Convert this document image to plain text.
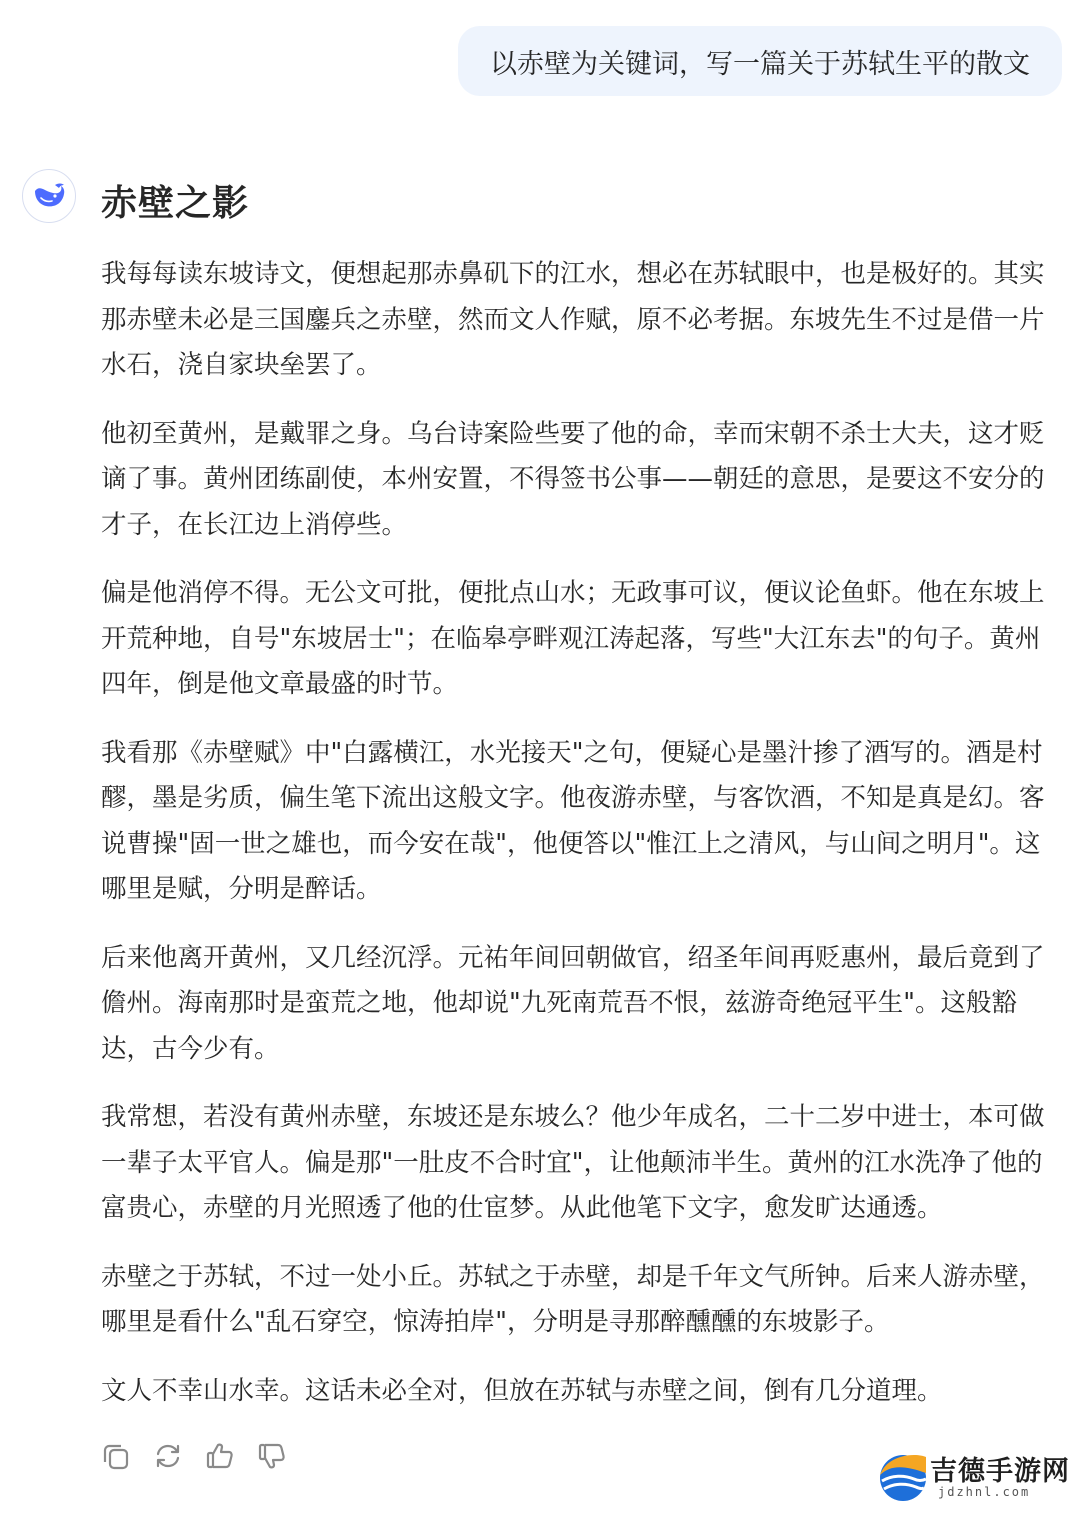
以赤壁为关键词，写一篇关于苏轼生平的散文
赤壁之影

我每每读东坡诗文，便想起那赤鼻矶下的江水，想必在苏轼眼中，也是极好的。其实那赤壁未必是三国鏖兵之赤壁，然而文人作赋，原不必考据。东坡先生不过是借一片水石，浇自家块垒罢了。

他初至黄州，是戴罪之身。乌台诗案险些要了他的命，幸而宋朝不杀士大夫，这才贬谪了事。黄州团练副使，本州安置，不得签书公事——朝廷的意思，是要这不安分的才子，在长江边上消停些。

偏是他消停不得。无公文可批，便批点山水；无政事可议，便议论鱼虾。他在东坡上开荒种地，自号"东坡居士"；在临皋亭畔观江涛起落，写些"大江东去"的句子。黄州四年，倒是他文章最盛的时节。

我看那《赤壁赋》中"白露横江，水光接天"之句，便疑心是墨汁掺了酒写的。酒是村醪，墨是劣质，偏生笔下流出这般文字。他夜游赤壁，与客饮酒，不知是真是幻。客说曹操"固一世之雄也，而今安在哉"，他便答以"惟江上之清风，与山间之明月"。这哪里是赋，分明是醉话。

后来他离开黄州，又几经沉浮。元祐年间回朝做官，绍圣年间再贬惠州，最后竟到了儋州。海南那时是蛮荒之地，他却说"九死南荒吾不恨，兹游奇绝冠平生"。这般豁达，古今少有。

我常想，若没有黄州赤壁，东坡还是东坡么？他少年成名，二十二岁中进士，本可做一辈子太平官人。偏是那"一肚皮不合时宜"，让他颠沛半生。黄州的江水洗净了他的富贵心，赤壁的月光照透了他的仕宦梦。从此他笔下文字，愈发旷达通透。

赤壁之于苏轼，不过一处小丘。苏轼之于赤壁，却是千年文气所钟。后来人游赤壁，哪里是看什么"乱石穿空，惊涛拍岸"，分明是寻那醉醺醺的东坡影子。

文人不幸山水幸。这话未必全对，但放在苏轼与赤壁之间，倒有几分道理。

吉德手游网
jdzhnl.com
